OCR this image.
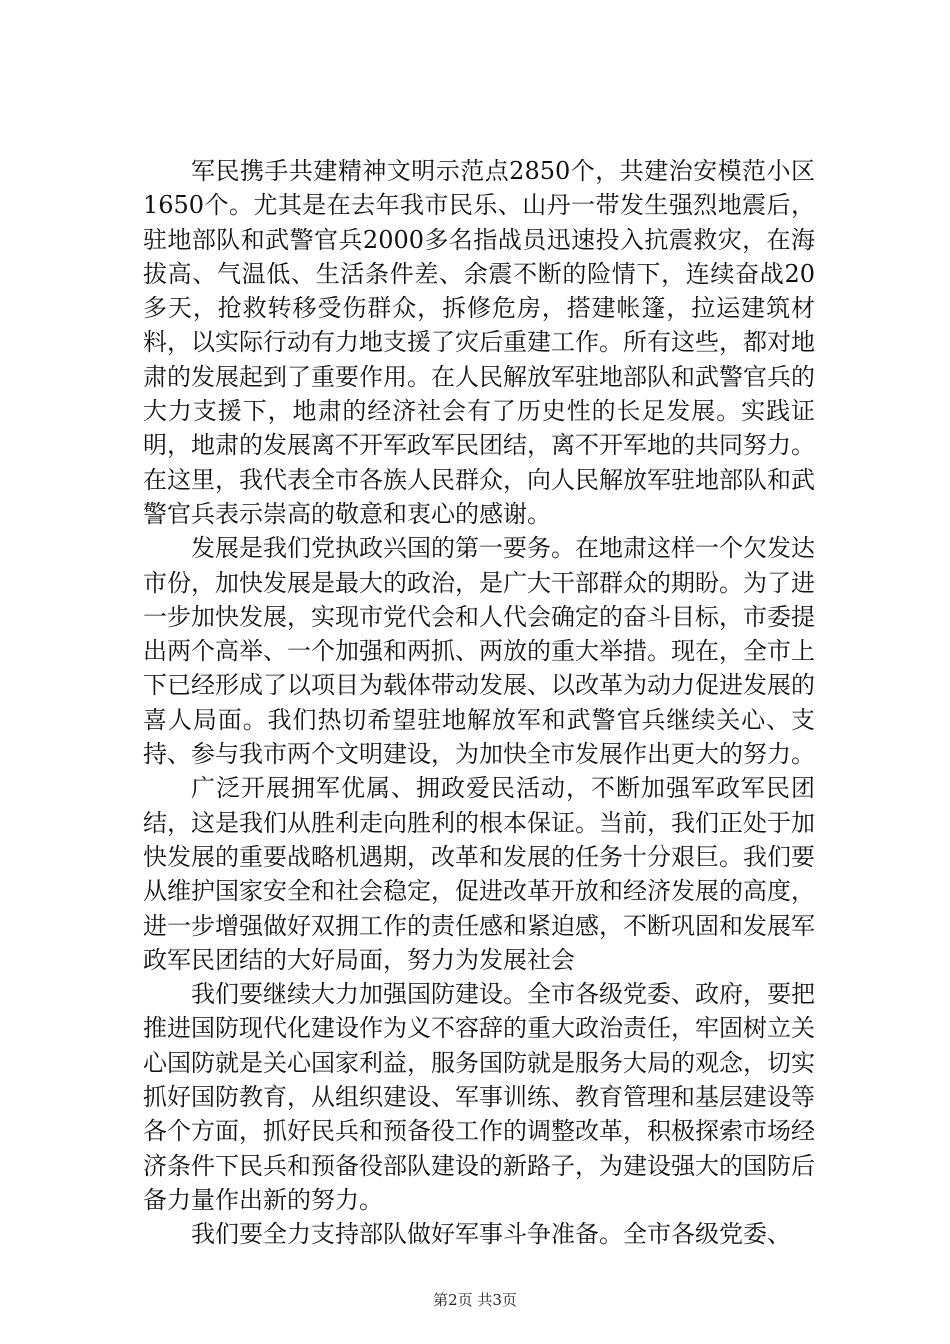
军民携手共建精神文明示范点2850个，共建治安模范小区1650个。尤其是在去年我市民乐、山丹一带发生强烈地震后，驻地部队和武警官兵2000多名指战员迅速投入抗震救灾，在海拔高、气温低、生活条件差、余震不断的险情下，连续奋战20多天，抢救转移受伤群众，拆修危房，搭建帐篷，拉运建筑材料，以实际行动有力地支援了灾后重建工作。所有这些，都对地肃的发展起到了重要作用。在人民解放军驻地部队和武警官兵的大力支援下，地肃的经济社会有了历史性的长足发展。实践证明，地肃的发展离不开军政军民团结，离不开军地的共同努力。在这里，我代表全市各族人民群众，向人民解放军驻地部队和武警官兵表示崇高的敬意和衷心的感谢。

发展是我们党执政兴国的第一要务。在地肃这样一个欠发达市份，加快发展是最大的政治，是广大干部群众的期盼。为了进一步加快发展，实现市党代会和人代会确定的奋斗目标，市委提出两个高举、一个加强和两抓、两放的重大举措。现在，全市上下已经形成了以项目为载体带动发展、以改革为动力促进发展的喜人局面。我们热切希望驻地解放军和武警官兵继续关心、支持、参与我市两个文明建设，为加快全市发展作出更大的努力。

广泛开展拥军优属、拥政爱民活动，不断加强军政军民团结，这是我们从胜利走向胜利的根本保证。当前，我们正处于加快发展的重要战略机遇期，改革和发展的任务十分艰巨。我们要从维护国家安全和社会稳定，促进改革开放和经济发展的高度，进一步增强做好双拥工作的责任感和紧迫感，不断巩固和发展军政军民团结的大好局面，努力为发展社会

我们要继续大力加强国防建设。全市各级党委、政府，要把推进国防现代化建设作为义不容辞的重大政治责任，牢固树立关心国防就是关心国家利益，服务国防就是服务大局的观念，切实抓好国防教育，从组织建设、军事训练、教育管理和基层建设等各个方面，抓好民兵和预备役工作的调整改革，积极探索市场经济条件下民兵和预备役部队建设的新路子，为建设强大的国防后备力量作出新的努力。

我们要全力支持部队做好军事斗争准备。全市各级党委、

第2页 共3页
